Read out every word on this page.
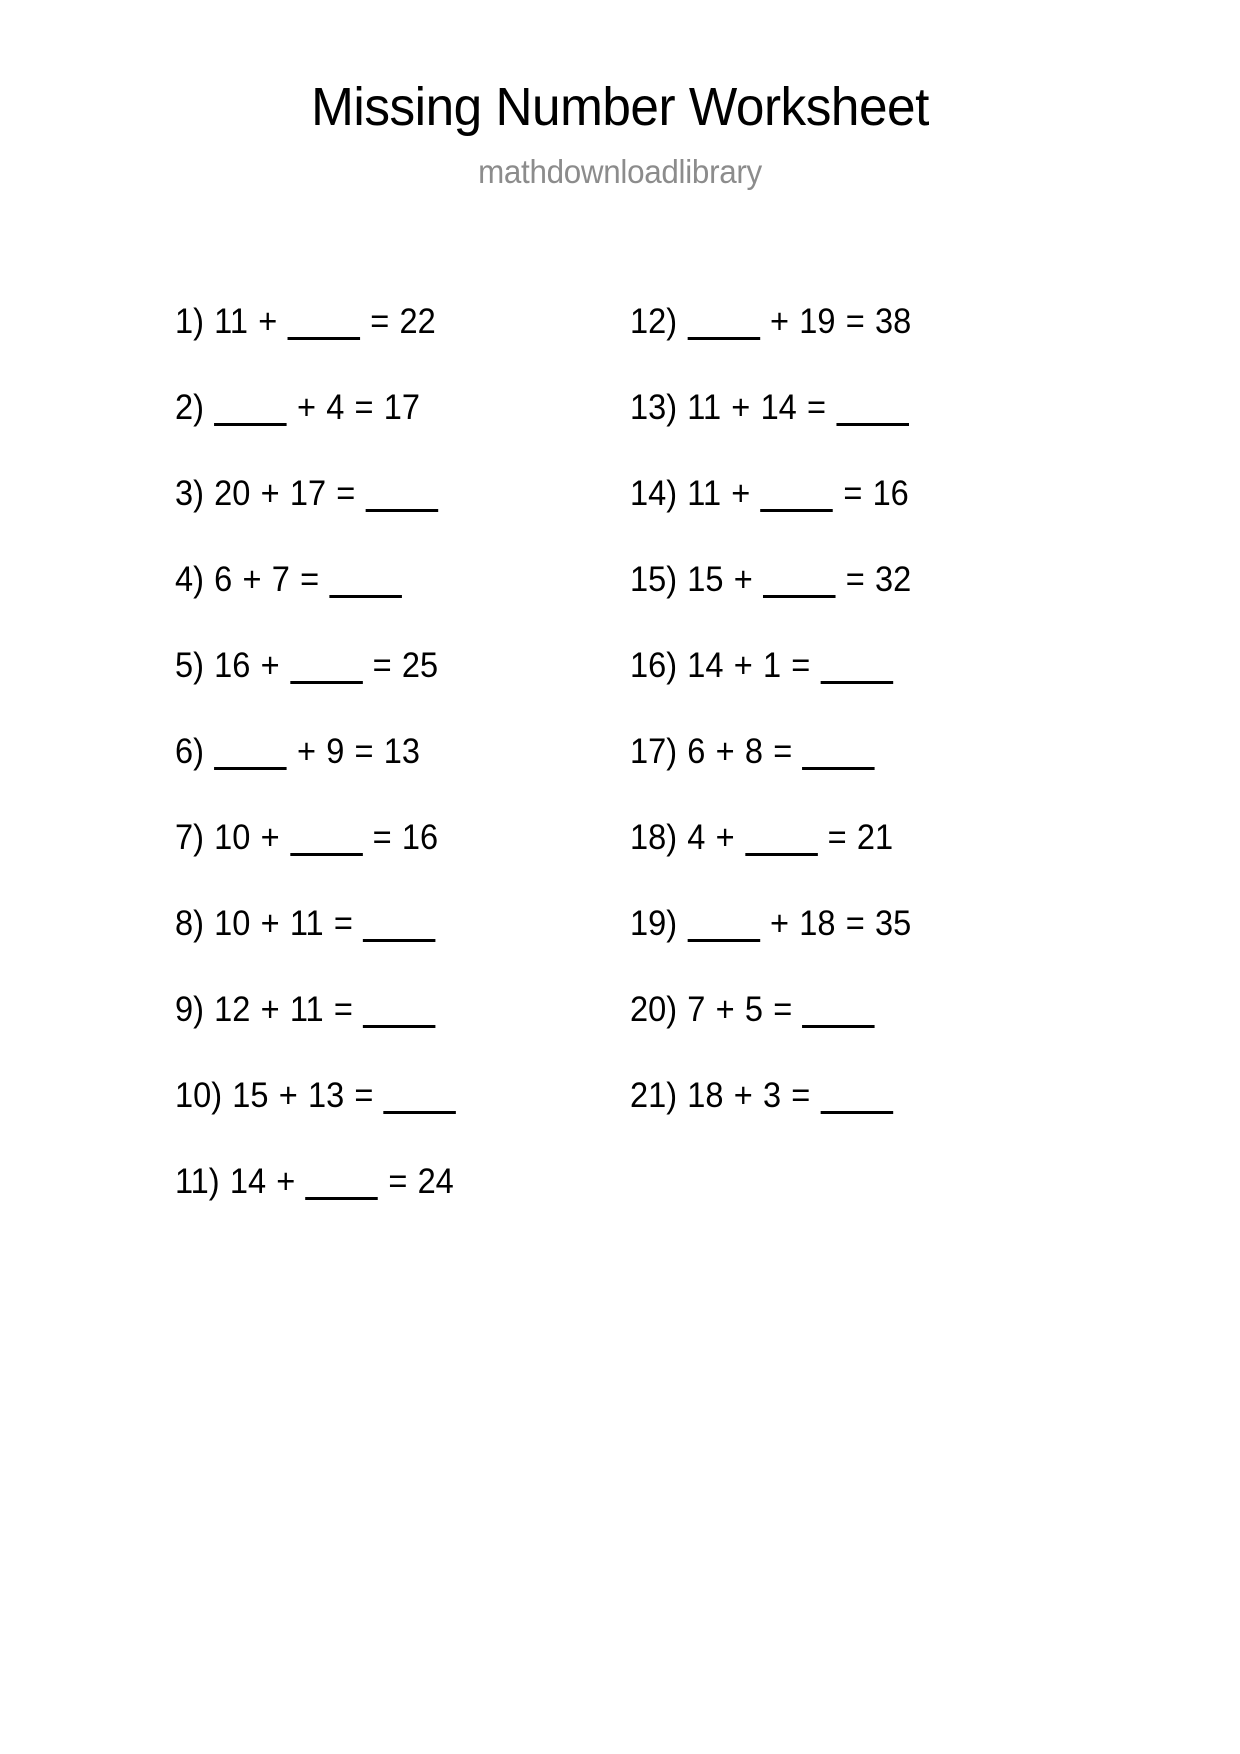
Missing Number Worksheet
mathdownloadlibrary
1) 11 +	= 22
2)	+ 4 = 17
3) 20 + 17 =
4) 6 + 7 =
5) 16 +	= 25
6)	+ 9 = 13
7) 10 +	= 16
8) 10 + 11 =
9) 12 + 11 =
10) 15 + 13 =
11) 14 +	= 24
12)	+ 19 = 38
13) 11 + 14 =
14) 11 +	= 16
15) 15 +	= 32
16) 14 + 1 =
17) 6 + 8 =
18) 4 +	= 21
19)	+ 18 = 35
20) 7 + 5 =
21) 18 + 3 =
